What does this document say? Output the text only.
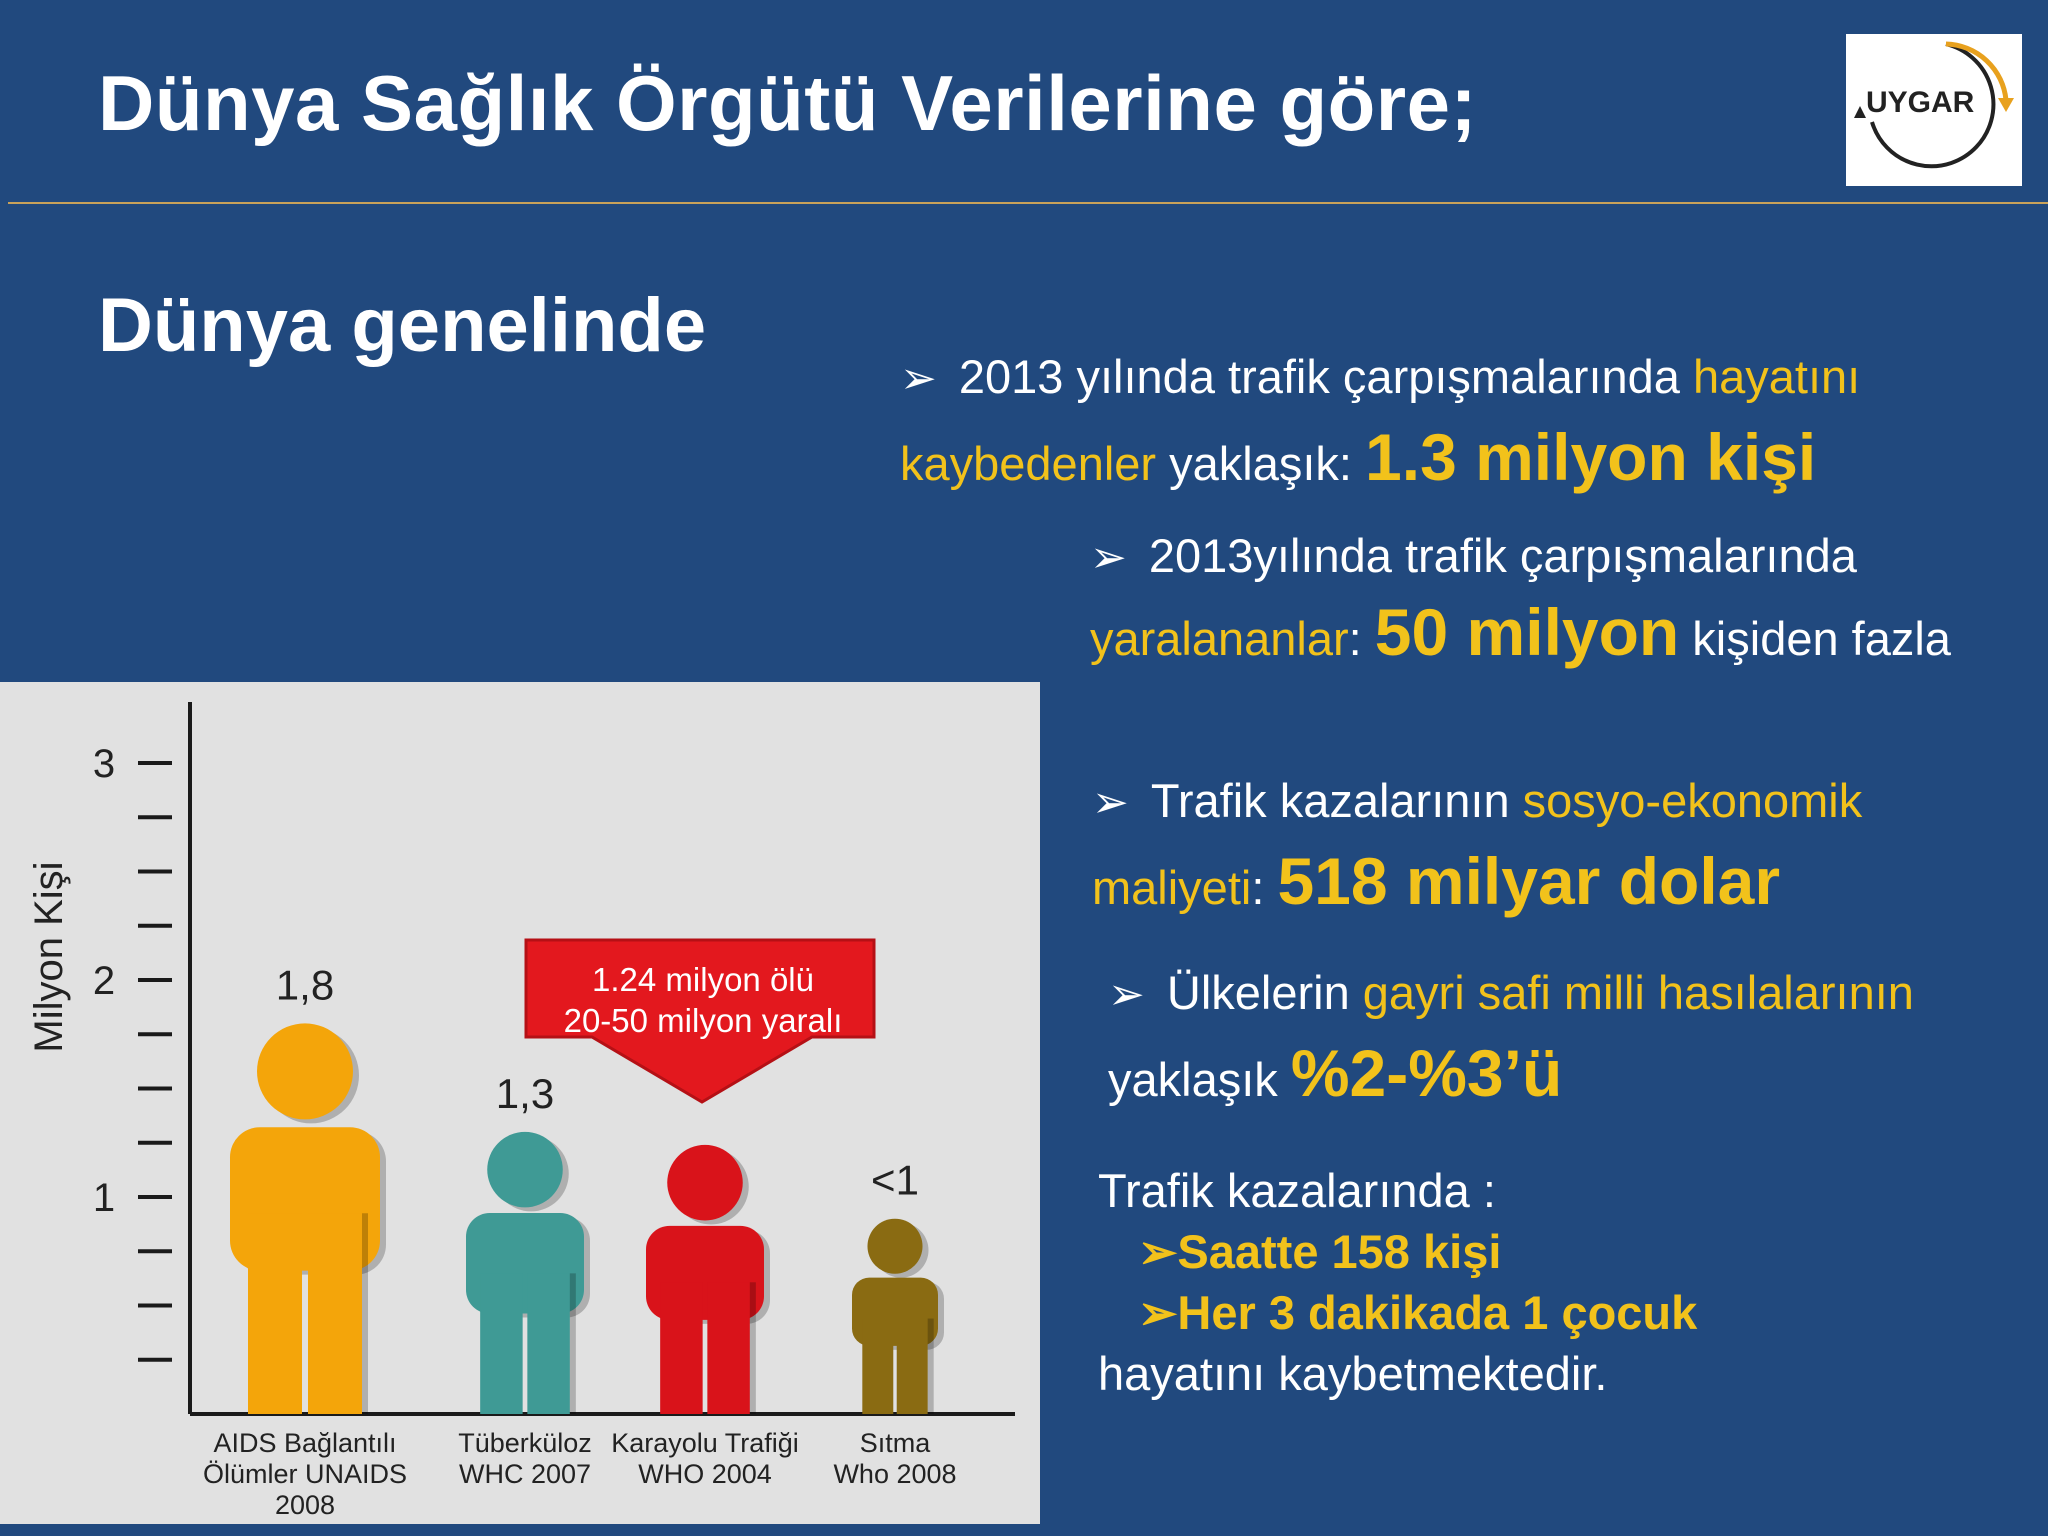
Dünya Sağlık Örgütü Verilerine göre;	UYGAR
Dünya genelinde
➢ 2013 yılında trafik çarpışmalarında hayatını kaybedenler yaklaşık: 1.3 milyon kişi
➢ 2013yılında trafik çarpışmalarında yaralananlar: 50 milyon kişiden fazla
➢ Trafik kazalarının sosyo-ekonomik maliyeti: 518 milyar dolar
➢ Ülkelerin gayri safi milli hasılalarının yaklaşık %2-%3’ü
Trafik kazalarında :
➢Saatte 158 kişi
➢Her 3 dakikada 1 çocuk
hayatını kaybetmektedir.
Milyon Kişi
1
2
3
1,8
AIDS Bağlantılı
Ölümler UNAIDS
2008
1,3
Tüberküloz
WHC 2007
Karayolu Trafiği
WHO 2004
<1
Sıtma
Who 2008
1.24 milyon ölü
20-50 milyon yaralı
